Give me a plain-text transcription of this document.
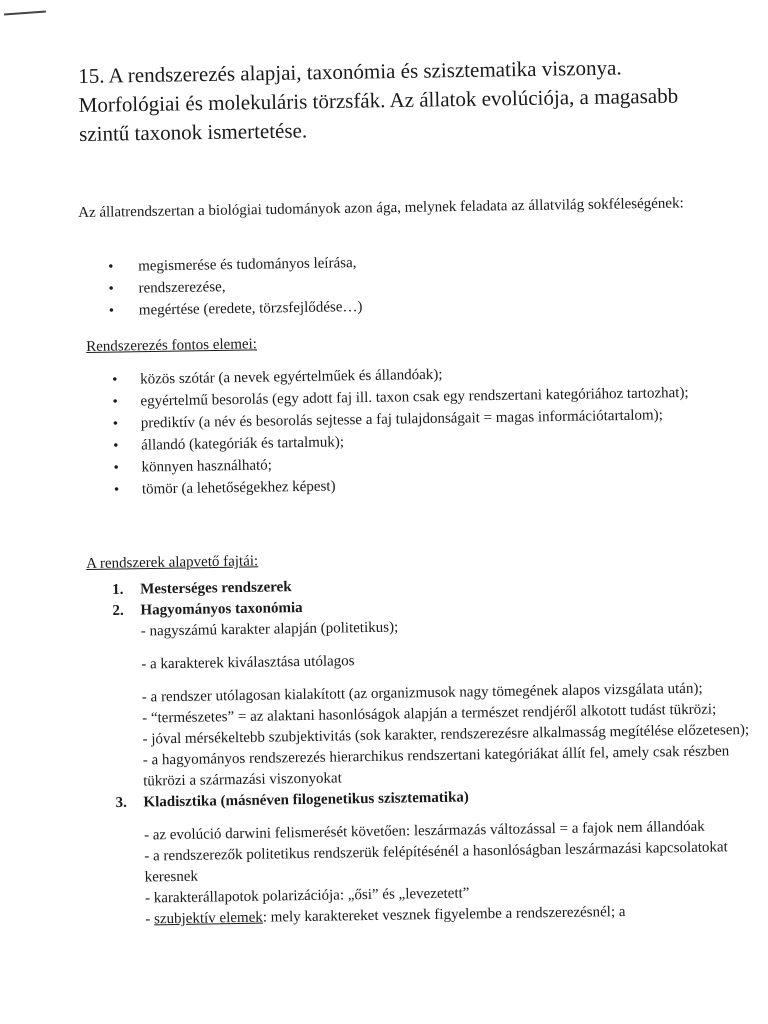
15. A rendszerezés alapjai, taxonómia és szisztematika viszonya. Morfológiai és molekuláris törzsfák. Az állatok evolúciója, a magasabb szintű taxonok ismertetése.

Az állatrendszertan a biológiai tudományok azon ága, melynek feladata az állatvilág sokféleségének:

• megismerése és tudományos leírása,
• rendszerezése,
• megértése (eredete, törzsfejlődése…)

Rendszerezés fontos elemei:

• közös szótár (a nevek egyértelműek és állandóak);
• egyértelmű besorolás (egy adott faj ill. taxon csak egy rendszertani kategóriához tartozhat);
• prediktív (a név és besorolás sejtesse a faj tulajdonságait = magas információtartalom);
• állandó (kategóriák és tartalmuk);
• könnyen használható;
• tömör (a lehetőségekhez képest)

A rendszerek alapvető fajtái:

1. Mesterséges rendszerek
2. Hagyományos taxonómia
- nagyszámú karakter alapján (politetikus);
- a karakterek kiválasztása utólagos
- a rendszer utólagosan kialakított (az organizmusok nagy tömegének alapos vizsgálata után);
- “természetes” = az alaktani hasonlóságok alapján a természet rendjéről alkotott tudást tükrözi;
- jóval mérsékeltebb szubjektivitás (sok karakter, rendszerezésre alkalmasság megítélése előzetesen);
- a hagyományos rendszerezés hierarchikus rendszertani kategóriákat állít fel, amely csak részben tükrözi a származási viszonyokat
3. Kladisztika (másnéven filogenetikus szisztematika)
- az evolúció darwini felismerését követően: leszármazás változással = a fajok nem állandóak
- a rendszerezők politetikus rendszerük felépítésénél a hasonlóságban leszármazási kapcsolatokat keresnek
- karakterállapotok polarizációja: „ősi” és „levezetett”
- szubjektív elemek: mely karaktereket vesznek figyelembe a rendszerezésnél; a
